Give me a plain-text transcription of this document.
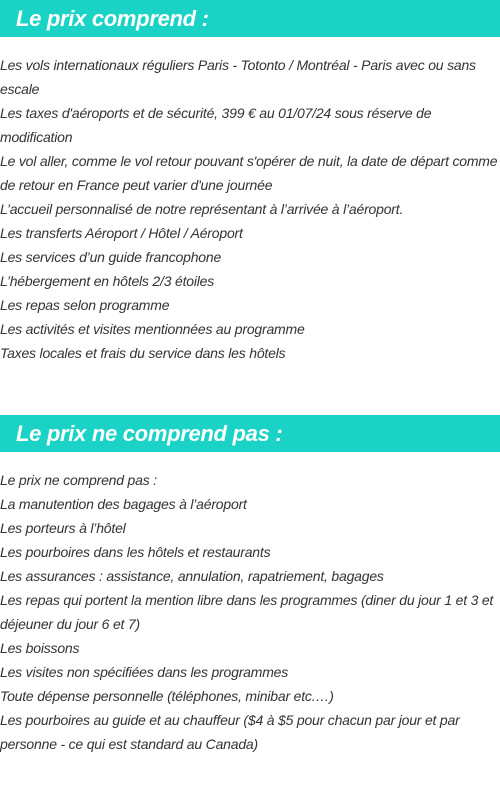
Le prix comprend :
Les vols internationaux réguliers Paris - Totonto / Montréal - Paris avec ou sans escale
Les taxes d'aéroports et de sécurité, 399 € au 01/07/24 sous réserve de modification
Le vol aller, comme le vol retour pouvant s'opérer de nuit, la date de départ comme de retour en France peut varier d'une journée
L’accueil personnalisé de notre représentant à l’arrivée à l’aéroport.
Les transferts Aéroport / Hôtel / Aéroport
Les services d’un guide francophone
L’hébergement en hôtels 2/3 étoiles
Les repas selon programme
Les activités et visites mentionnées au programme
Taxes locales et frais du service dans les hôtels
Le prix ne comprend pas :
Le prix ne comprend pas :
La manutention des bagages à l’aéroport
Les porteurs à l’hôtel
Les pourboires dans les hôtels et restaurants
Les assurances : assistance, annulation, rapatriement, bagages
Les repas qui portent la mention libre dans les programmes (diner du jour 1 et 3 et déjeuner du jour 6 et 7)
Les boissons
Les visites non spécifiées dans les programmes
Toute dépense personnelle (téléphones, minibar etc.…)
Les pourboires au guide et au chauffeur ($4 à $5 pour chacun par jour et par personne - ce qui est standard au Canada)
